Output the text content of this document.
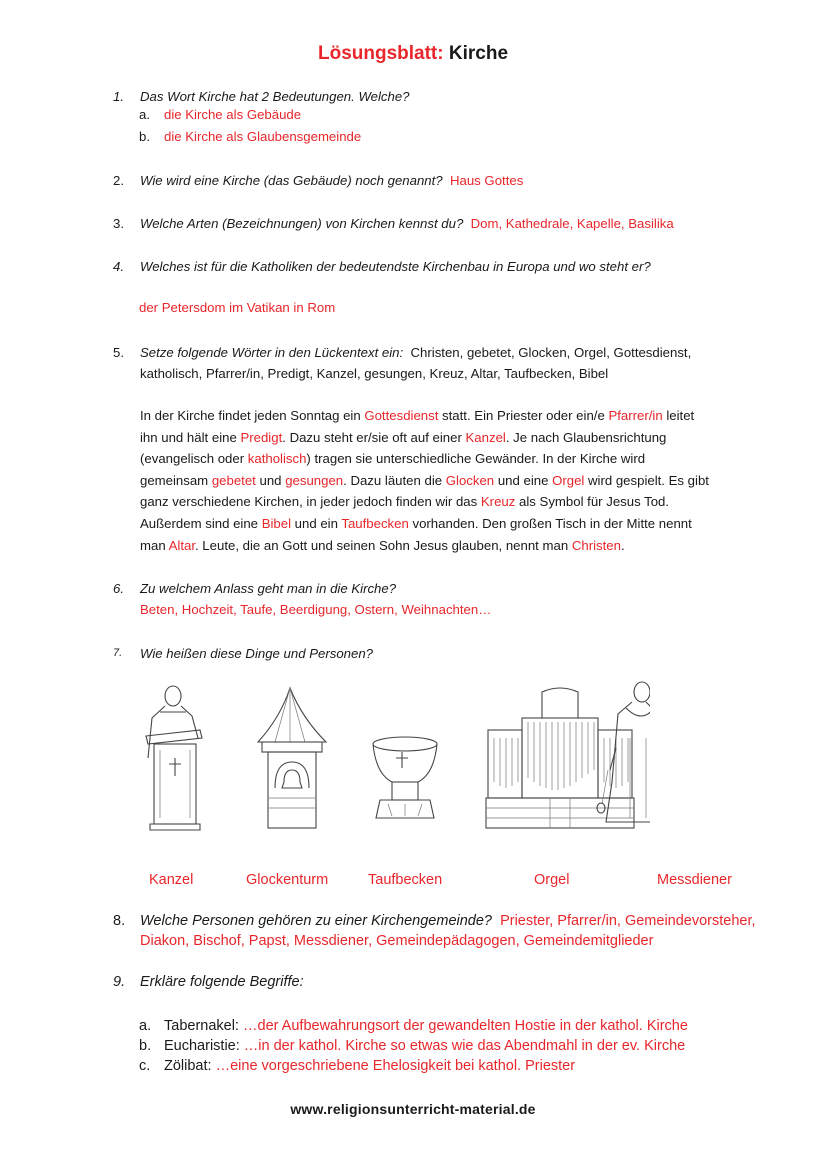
Lösungsblatt: Kirche
1.	Das Wort Kirche hat 2 Bedeutungen. Welche?
a. die Kirche als Gebäude
b. die Kirche als Glaubensgemeinde
2.	Wie wird eine Kirche (das Gebäude) noch genannt? Haus Gottes
3.	Welche Arten (Bezeichnungen) von Kirchen kennst du? Dom, Kathedrale, Kapelle, Basilika
4.	Welches ist für die Katholiken der bedeutendste Kirchenbau in Europa und wo steht er?
der Petersdom im Vatikan in Rom
5.	Setze folgende Wörter in den Lückentext ein: Christen, gebetet, Glocken, Orgel, Gottesdienst,
katholisch, Pfarrer/in, Predigt, Kanzel, gesungen, Kreuz, Altar, Taufbecken, Bibel
In der Kirche findet jeden Sonntag ein Gottesdienst statt. Ein Priester oder ein/e Pfarrer/in leitet
ihn und hält eine Predigt. Dazu steht er/sie oft auf einer Kanzel. Je nach Glaubensrichtung
(evangelisch oder katholisch) tragen sie unterschiedliche Gewänder. In der Kirche wird
gemeinsam gebetet und gesungen. Dazu läuten die Glocken und eine Orgel wird gespielt. Es gibt
ganz verschiedene Kirchen, in jeder jedoch finden wir das Kreuz als Symbol für Jesus Tod.
Außerdem sind eine Bibel und ein Taufbecken vorhanden. Den großen Tisch in der Mitte nennt
man Altar. Leute, die an Gott und seinen Sohn Jesus glauben, nennt man Christen.
6.	Zu welchem Anlass geht man in die Kirche?
Beten, Hochzeit, Taufe, Beerdigung, Ostern, Weihnachten…
7.	Wie heißen diese Dinge und Personen?
Kanzel	Glockenturm	Taufbecken	Orgel	Messdiener
8.	Welche Personen gehören zu einer Kirchengemeinde? Priester, Pfarrer/in, Gemeindevorsteher,
Diakon, Bischof, Papst, Messdiener, Gemeindepädagogen, Gemeindemitglieder
9.	Erkläre folgende Begriffe:
a. Tabernakel: …der Aufbewahrungsort der gewandelten Hostie in der kathol. Kirche
b. Eucharistie: …in der kathol. Kirche so etwas wie das Abendmahl in der ev. Kirche
c. Zölibat: …eine vorgeschriebene Ehelosigkeit bei kathol. Priester
www.religionsunterricht-material.de
